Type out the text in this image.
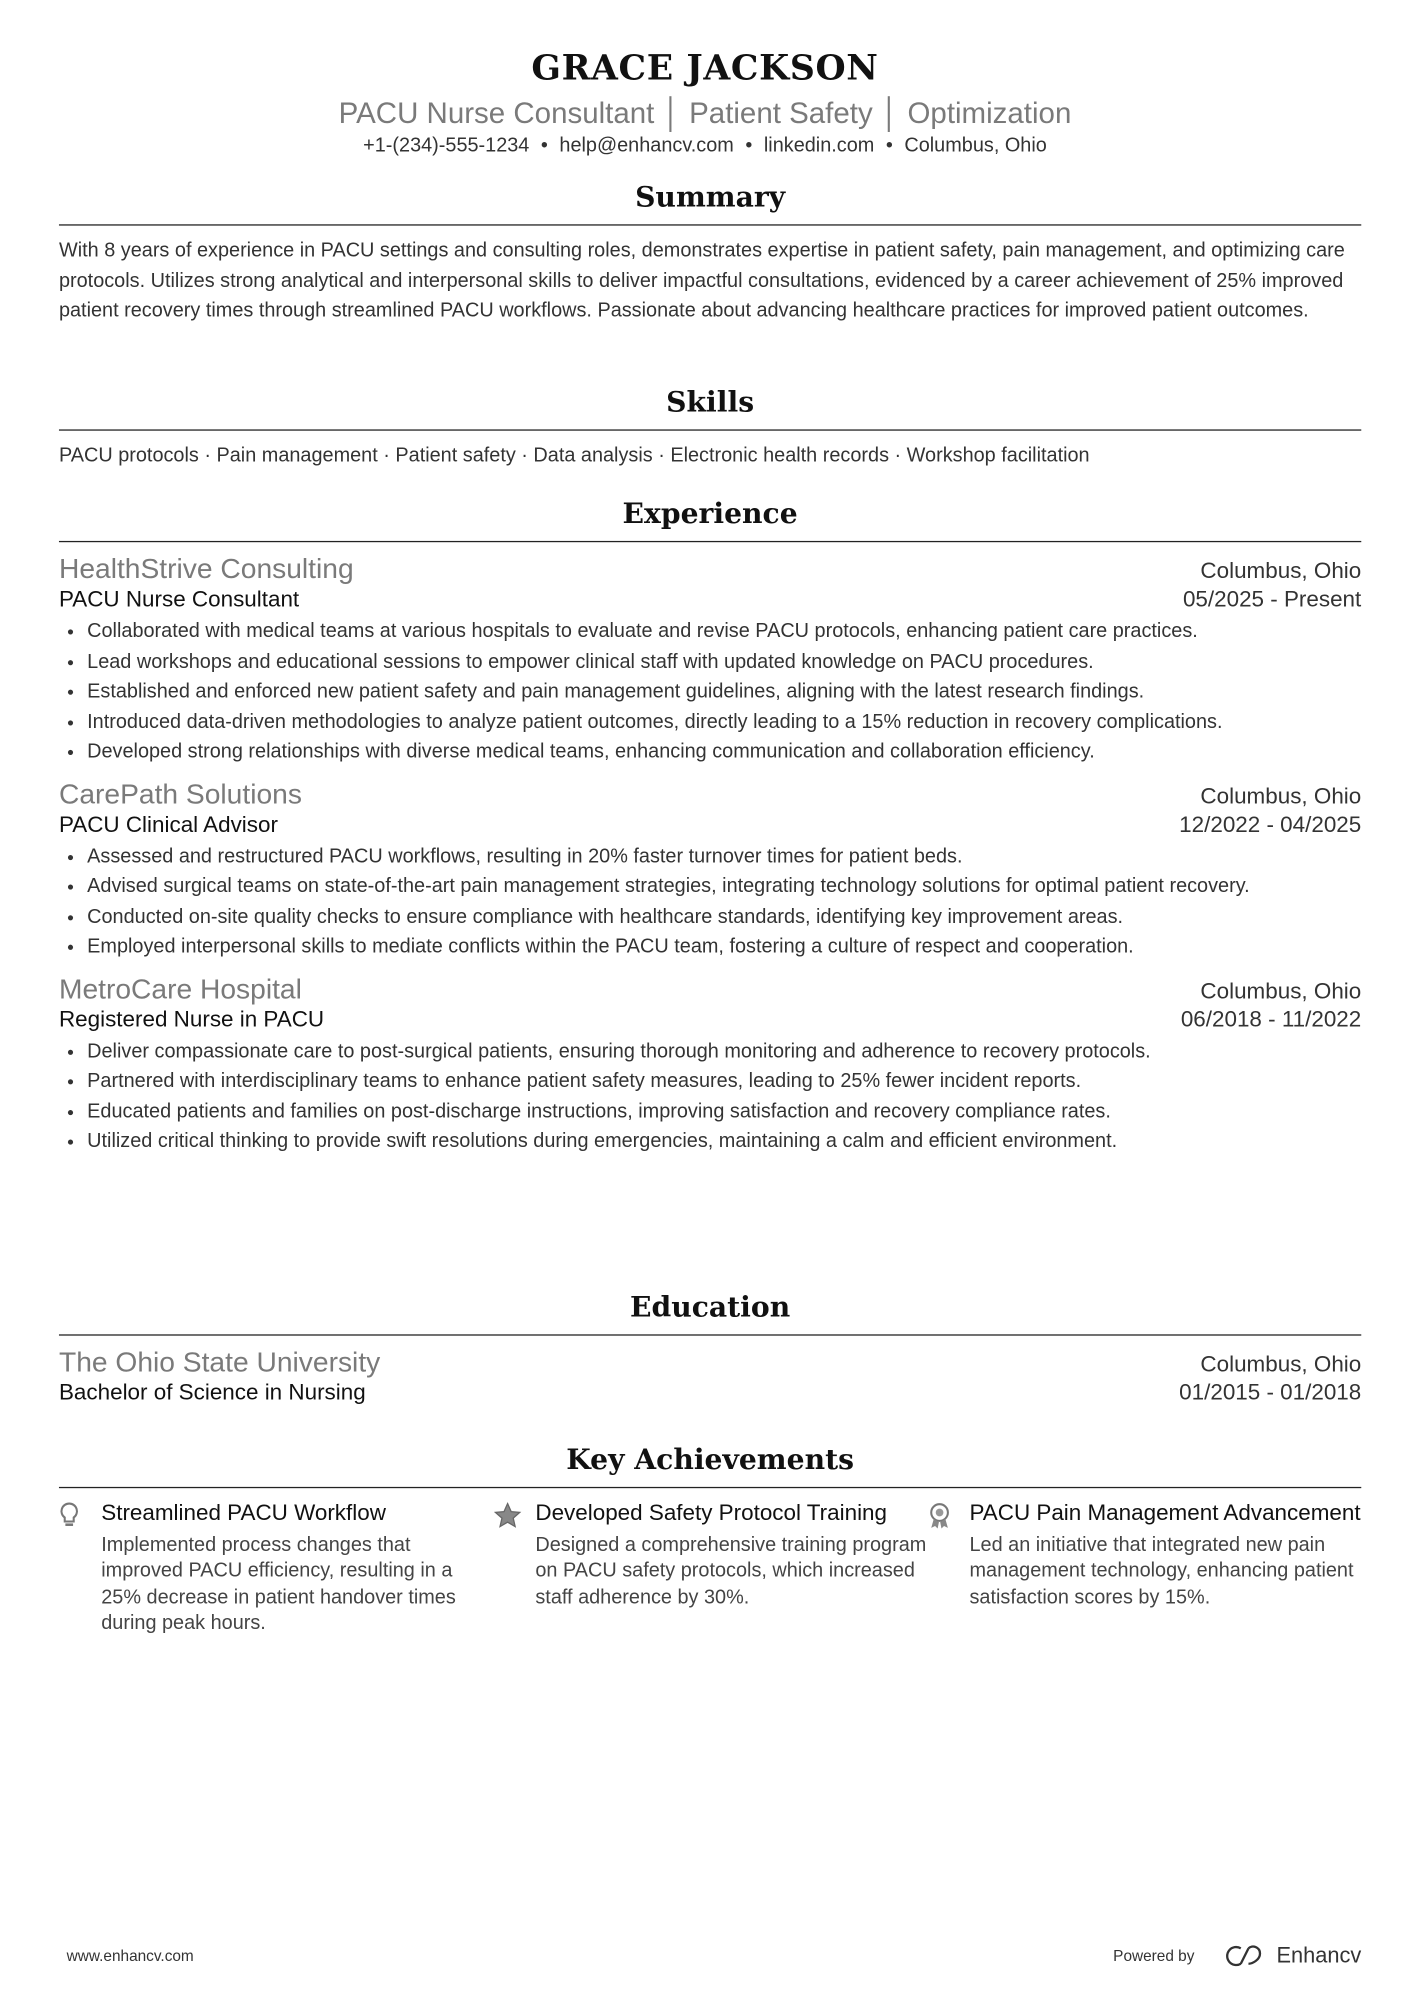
GRACE JACKSON
PACU Nurse Consultant │ Patient Safety │ Optimization
+1-(234)-555-1234 • help@enhancv.com • linkedin.com • Columbus, Ohio
Summary
With 8 years of experience in PACU settings and consulting roles, demonstrates expertise in patient safety, pain management, and optimizing care protocols. Utilizes strong analytical and interpersonal skills to deliver impactful consultations, evidenced by a career achievement of 25% improved patient recovery times through streamlined PACU workflows. Passionate about advancing healthcare practices for improved patient outcomes.
Skills
PACU protocols · Pain management · Patient safety · Data analysis · Electronic health records · Workshop facilitation
Experience
HealthStrive Consulting	Columbus, Ohio
PACU Nurse Consultant	05/2025 - Present
• Collaborated with medical teams at various hospitals to evaluate and revise PACU protocols, enhancing patient care practices.
• Lead workshops and educational sessions to empower clinical staff with updated knowledge on PACU procedures.
• Established and enforced new patient safety and pain management guidelines, aligning with the latest research findings.
• Introduced data-driven methodologies to analyze patient outcomes, directly leading to a 15% reduction in recovery complications.
• Developed strong relationships with diverse medical teams, enhancing communication and collaboration efficiency.
CarePath Solutions	Columbus, Ohio
PACU Clinical Advisor	12/2022 - 04/2025
• Assessed and restructured PACU workflows, resulting in 20% faster turnover times for patient beds.
• Advised surgical teams on state-of-the-art pain management strategies, integrating technology solutions for optimal patient recovery.
• Conducted on-site quality checks to ensure compliance with healthcare standards, identifying key improvement areas.
• Employed interpersonal skills to mediate conflicts within the PACU team, fostering a culture of respect and cooperation.
MetroCare Hospital	Columbus, Ohio
Registered Nurse in PACU	06/2018 - 11/2022
• Deliver compassionate care to post-surgical patients, ensuring thorough monitoring and adherence to recovery protocols.
• Partnered with interdisciplinary teams to enhance patient safety measures, leading to 25% fewer incident reports.
• Educated patients and families on post-discharge instructions, improving satisfaction and recovery compliance rates.
• Utilized critical thinking to provide swift resolutions during emergencies, maintaining a calm and efficient environment.
Education
The Ohio State University	Columbus, Ohio
Bachelor of Science in Nursing	01/2015 - 01/2018
Key Achievements
Streamlined PACU Workflow
Implemented process changes that improved PACU efficiency, resulting in a 25% decrease in patient handover times during peak hours.
Developed Safety Protocol Training
Designed a comprehensive training program on PACU safety protocols, which increased staff adherence by 30%.
PACU Pain Management Advancement
Led an initiative that integrated new pain management technology, enhancing patient satisfaction scores by 15%.
www.enhancv.com	Powered by	Enhancv
